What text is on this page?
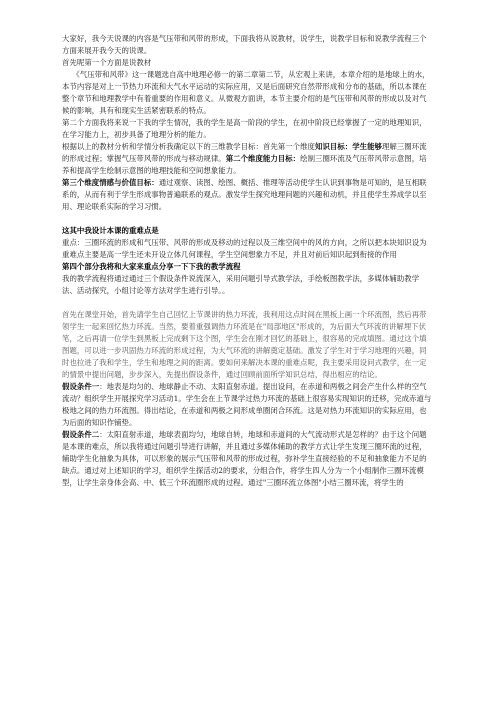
大家好，我今天说课的内容是气压带和风带的形成，下面我将从说教材，说学生，说教学目标和说教学流程三个方面来展开我今天的说课。

首先呢第一个方面是说教材

《气压带和风带》这一课题选自高中地理必修一的第二章第二节，从宏观上来讲，本章介绍的是地球上的水，本节内容是对上一节热力环流和大气水平运动的实际应用，又是后面研究自然带形成和分布的基础，所以本课在整个章节和地理教学中有着重要的作用和意义。从微观方面讲，本节主要介绍的是气压带和风带的形成以及对气候的影响，具有和现实生活紧密联系的特点。

第二个方面我将来说一下我的学生情况，我的学生是高一阶段的学生，在初中阶段已经掌握了一定的地理知识，在学习能力上，初步具备了地理分析的能力。

根据以上的教材分析和学情分析我确定以下的三维教学目标：首先第一个维度知识目标：学生能够理解三圈环流的形成过程；掌握气压带风带的形成与移动规律。第二个维度能力目标：绘制三圈环流及气压带风带示意图，培养和提高学生绘制示意图的地理技能和空间想象能力。

第三个维度情感与价值目标：通过观察、读图、绘图、概括、推理等活动使学生认识到事物是可知的，是互相联系的，从而有利于学生形成事物普遍联系的观点。激发学生探究地理问题的兴趣和动机，并且使学生养成学以至用、理论联系实际的学习习惯。

这其中我设计本课的重难点是

重点：三圈环流的形成和气压带、风带的形成及移动的过程以及三维空间中的风的方向，之所以把本块知识设为重难点主要是高一学生还未开设立体几何课程，学生空间想象力不足，并且对前后知识起到衔接的作用

第四个部分我将和大家来重点分享一下下我的教学流程

我的教学流程将通过通过三个假设条件说流深入，采用问题引导式教学法，手绘板图教学法，多媒体辅助教学法、活动探究，小组讨论等方法对学生进行引导。。

首先在课堂开始，首先请学生自己回忆上节课讲的热力环流，我利用这点时间在黑板上画一个环流图，然后再带领学生一起来回忆热力环流。当然，要着重强调热力环流是在"局部地区"形成的，为后面大气环流的讲解埋下伏笔，之后再请一位学生到黑板上完成剩下这个图，学生会在刚才回忆的基础上，很容易的完成填图。通过这个填图题，可以进一步巩固热力环流的形成过程，为大气环流的讲解奠定基础。激发了学生对于学习地理的兴趣，同时也拉进了我和学生，学生和地理之间的距离。要如何来解决本课的重难点呢，我主要采用设问式教学，在一定的情景中提出问题，步步深入，先提出假设条件，通过回顾前面所学知识总结，得出相应的结论。

假设条件一：地表是均匀的、地球静止不动、太阳直射赤道。提出设问，在赤道和两极之间会产生什么样的空气流动？组织学生开展探究学习活动1。学生会在上节课学过热力环流的基础上很容易实现知识的迁移，完成赤道与极地之间的热力环流图。得出结论，在赤道和两极之间形成单圈闭合环流。这是对热力环流知识的实际应用，也为后面的知识作铺垫。

假设条件二：太阳直射赤道，地球表面均匀，地球自转，地球和赤道间的大气流动形式是怎样的？由于这个问题是本课的难点，所以我将通过问题引导进行讲解，并且通过多媒体辅助的教学方式让学生发现三圈环流的过程，辅助学生化抽象为具体，可以形象的展示气压带和风带的形成过程，弥补学生直接经验的不足和抽象能力不足的缺点。通过对上述知识的学习，组织学生探活动2的要求，分组合作，将学生四人分为一个小组制作三圈环流模型，让学生亲身体会高、中、低三个环流圈形成的过程。通过"三圈环流立体图"小结三圈环流，将学生的
